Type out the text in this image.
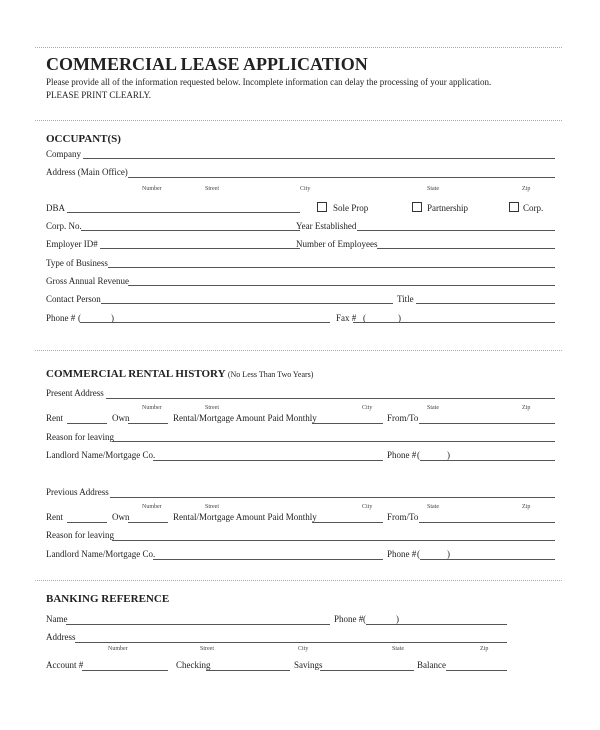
COMMERCIAL LEASE APPLICATION
Please provide all of the information requested below. Incomplete information can delay the processing of your application.
PLEASE PRINT CLEARLY.
OCCUPANT(S)
Company
Address (Main Office)
Number	Street	City	State	Zip
DBA	Sole Prop	Partnership	Corp.
Corp. No.	Year Established
Employer ID#	Number of Employees
Type of Business
Gross Annual Revenue
Contact Person	Title
Phone # (	)	Fax # (	)
COMMERCIAL RENTAL HISTORY (No Less Than Two Years)
Present Address
Number	Street	City	State	Zip
Rent	Own	Rental/Mortgage Amount Paid Monthly	From/To
Reason for leaving
Landlord Name/Mortgage Co.	Phone # (	)
Previous Address
Number	Street	City	State	Zip
Rent	Own	Rental/Mortgage Amount Paid Monthly	From/To
Reason for leaving
Landlord Name/Mortgage Co.	Phone # (	)
BANKING REFERENCE
Name	Phone # (	)
Address
Number	Street	City	State	Zip
Account #	Checking	Savings	Balance
